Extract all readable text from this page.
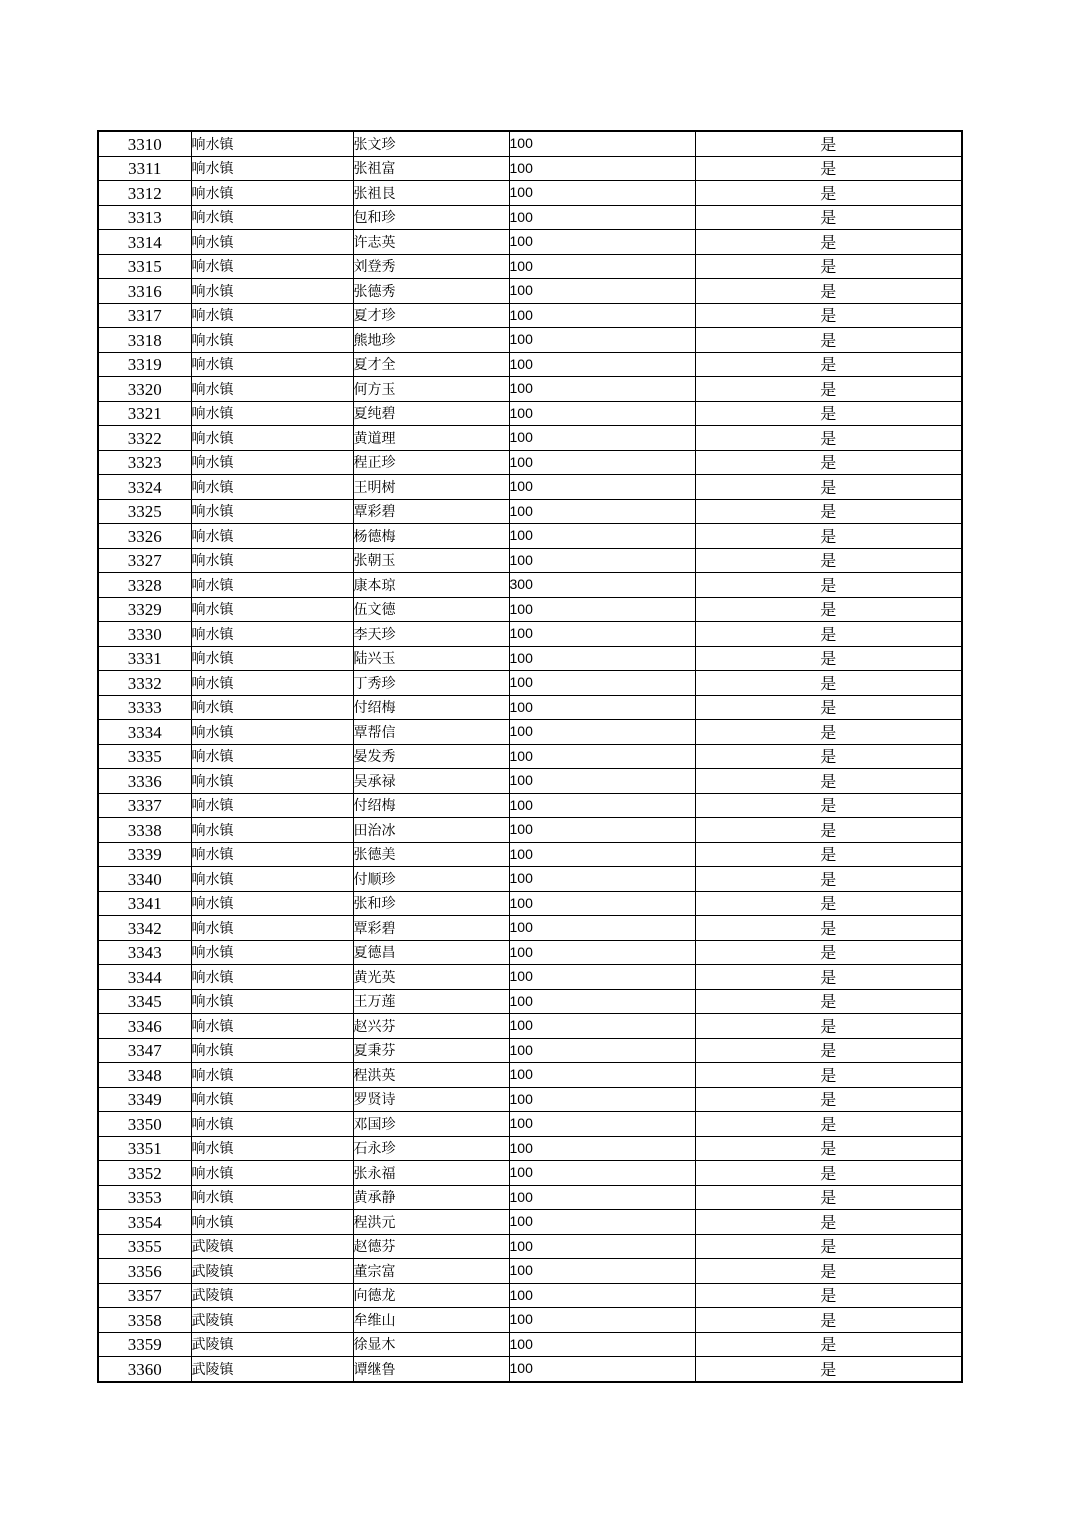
3310	响水镇	张文珍	100	是
3311	响水镇	张祖富	100	是
3312	响水镇	张祖艮	100	是
3313	响水镇	包和珍	100	是
3314	响水镇	许志英	100	是
3315	响水镇	刘登秀	100	是
3316	响水镇	张德秀	100	是
3317	响水镇	夏才珍	100	是
3318	响水镇	熊地珍	100	是
3319	响水镇	夏才全	100	是
3320	响水镇	何方玉	100	是
3321	响水镇	夏纯碧	100	是
3322	响水镇	黄道理	100	是
3323	响水镇	程正珍	100	是
3324	响水镇	王明树	100	是
3325	响水镇	覃彩碧	100	是
3326	响水镇	杨德梅	100	是
3327	响水镇	张朝玉	100	是
3328	响水镇	康本琼	300	是
3329	响水镇	伍文德	100	是
3330	响水镇	李天珍	100	是
3331	响水镇	陆兴玉	100	是
3332	响水镇	丁秀珍	100	是
3333	响水镇	付绍梅	100	是
3334	响水镇	覃帮信	100	是
3335	响水镇	晏发秀	100	是
3336	响水镇	吴承禄	100	是
3337	响水镇	付绍梅	100	是
3338	响水镇	田治冰	100	是
3339	响水镇	张德美	100	是
3340	响水镇	付顺珍	100	是
3341	响水镇	张和珍	100	是
3342	响水镇	覃彩碧	100	是
3343	响水镇	夏德昌	100	是
3344	响水镇	黄光英	100	是
3345	响水镇	王万莲	100	是
3346	响水镇	赵兴芬	100	是
3347	响水镇	夏秉芬	100	是
3348	响水镇	程洪英	100	是
3349	响水镇	罗贤诗	100	是
3350	响水镇	邓国珍	100	是
3351	响水镇	石永珍	100	是
3352	响水镇	张永福	100	是
3353	响水镇	黄承静	100	是
3354	响水镇	程洪元	100	是
3355	武陵镇	赵德芬	100	是
3356	武陵镇	董宗富	100	是
3357	武陵镇	向德龙	100	是
3358	武陵镇	牟维山	100	是
3359	武陵镇	徐显木	100	是
3360	武陵镇	谭继鲁	100	是
